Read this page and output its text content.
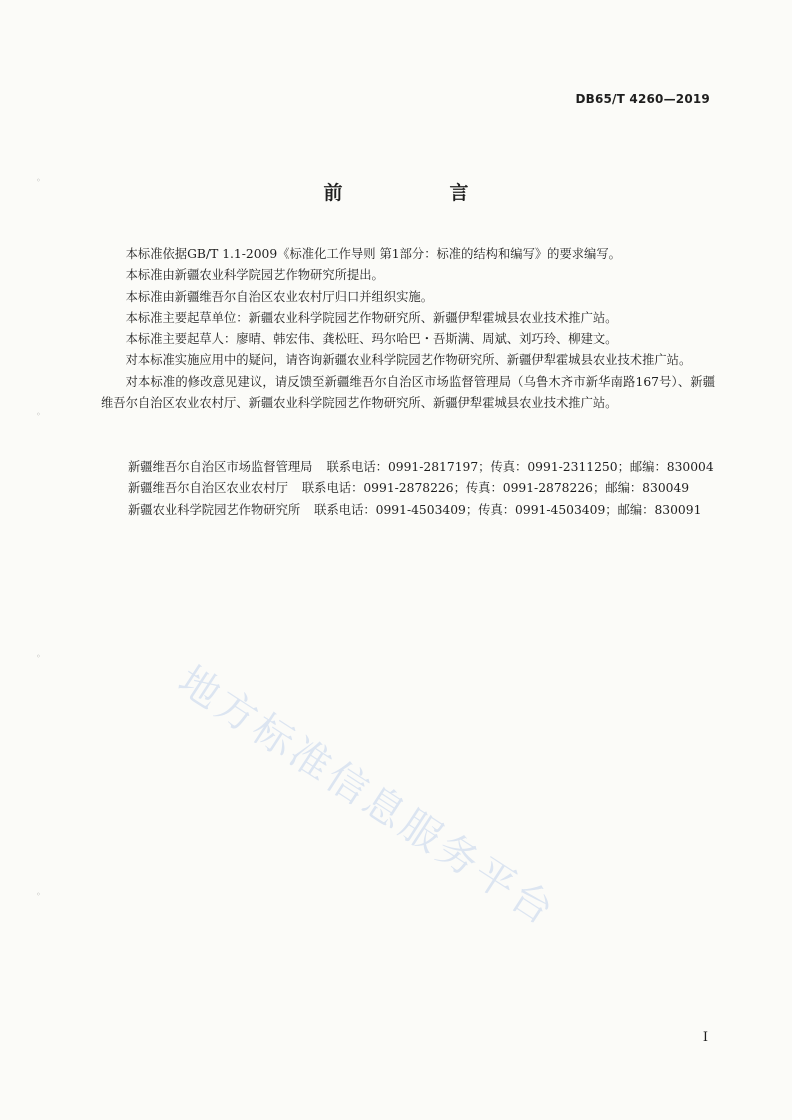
DB65/T 4260—2019
前　言

本标准依据GB/T 1.1-2009《标准化工作导则 第1部分：标准的结构和编写》的要求编写。

本标准由新疆农业科学院园艺作物研究所提出。

本标准由新疆维吾尔自治区农业农村厅归口并组织实施。

本标准主要起草单位：新疆农业科学院园艺作物研究所、新疆伊犁霍城县农业技术推广站。

本标准主要起草人：廖晴、韩宏伟、龚松旺、玛尔哈巴・吾斯满、周斌、刘巧玲、柳建文。

对本标准实施应用中的疑问，请咨询新疆农业科学院园艺作物研究所、新疆伊犁霍城县农业技术推广站。

对本标准的修改意见建议，请反馈至新疆维吾尔自治区市场监督管理局（乌鲁木齐市新华南路167号）、新疆维吾尔自治区农业农村厅、新疆农业科学院园艺作物研究所、新疆伊犁霍城县农业技术推广站。

新疆维吾尔自治区市场监督管理局 联系电话：0991-2817197；传真：0991-2311250；邮编：830004
新疆维吾尔自治区农业农村厅 联系电话：0991-2878226；传真：0991-2878226；邮编：830049
新疆农业科学院园艺作物研究所 联系电话：0991-4503409；传真：0991-4503409；邮编：830091
地方标准信息服务平台
◦
◦
◦
◦
I
